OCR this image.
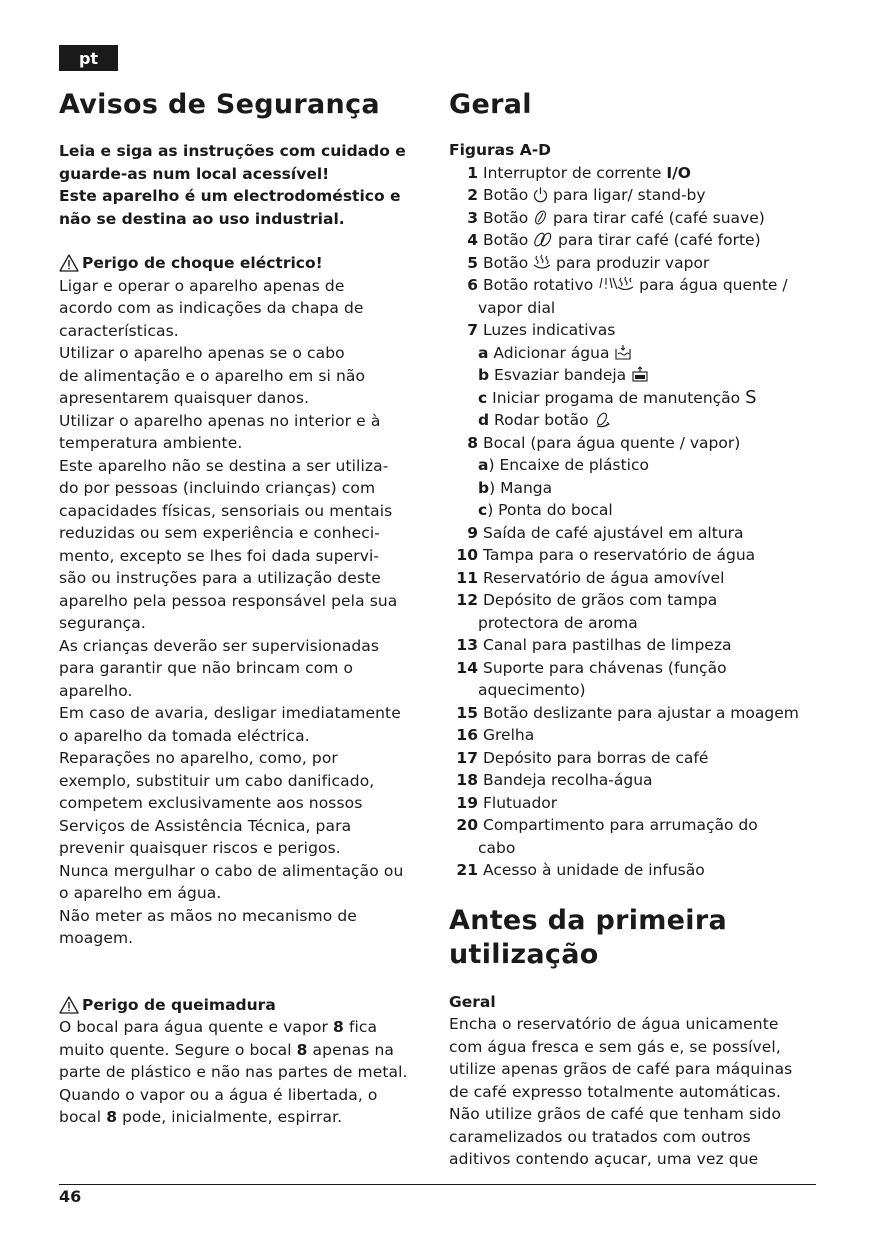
pt
Avisos de Segurança
Leia e siga as instruções com cuidado e
guarde-as num local acessível!
Este aparelho é um electrodoméstico e
não se destina ao uso industrial.
Perigo de choque eléctrico!
Ligar e operar o aparelho apenas de
acordo com as indicações da chapa de
características.
Utilizar o aparelho apenas se o cabo
de alimentação e o aparelho em si não
apresentarem quaisquer danos.
Utilizar o aparelho apenas no interior e à
temperatura ambiente.
Este aparelho não se destina a ser utiliza-
do por pessoas (incluindo crianças) com
capacidades físicas, sensoriais ou mentais
reduzidas ou sem experiência e conheci-
mento, excepto se lhes foi dada supervi-
são ou instruções para a utilização deste
aparelho pela pessoa responsável pela sua
segurança.
As crianças deverão ser supervisionadas
para garantir que não brincam com o
aparelho.
Em caso de avaria, desligar imediatamente
o aparelho da tomada eléctrica.
Reparações no aparelho, como, por
exemplo, substituir um cabo danificado,
competem exclusivamente aos nossos
Serviços de Assistência Técnica, para
prevenir quaisquer riscos e perigos.
Nunca mergulhar o cabo de alimentação ou
o aparelho em água.
Não meter as mãos no mecanismo de
moagem.
Perigo de queimadura
O bocal para água quente e vapor 8 fica
muito quente. Segure o bocal 8 apenas na
parte de plástico e não nas partes de metal.
Quando o vapor ou a água é libertada, o
bocal 8 pode, inicialmente, espirrar.
Geral
Figuras A-D
1 Interruptor de corrente I/O
2 Botão  para ligar/ stand-by
3 Botão  para tirar café (café suave)
4 Botão  para tirar café (café forte)
5 Botão  para produzir vapor
6 Botão rotativo  para água quente /
vapor dial
7 Luzes indicativas
a Adicionar água
b Esvaziar bandeja
c Iniciar progama de manutenção S
d Rodar botão
8 Bocal (para água quente / vapor)
a) Encaixe de plástico
b) Manga
c) Ponta do bocal
9 Saída de café ajustável em altura
10 Tampa para o reservatório de água
11 Reservatório de água amovível
12 Depósito de grãos com tampa
protectora de aroma
13 Canal para pastilhas de limpeza
14 Suporte para chávenas (função
aquecimento)
15 Botão deslizante para ajustar a moagem
16 Grelha
17 Depósito para borras de café
18 Bandeja recolha-água
19 Flutuador
20 Compartimento para arrumação do
cabo
21 Acesso à unidade de infusão
Antes da primeira
utilização
Geral
Encha o reservatório de água unicamente
com água fresca e sem gás e, se possível,
utilize apenas grãos de café para máquinas
de café expresso totalmente automáticas.
Não utilize grãos de café que tenham sido
caramelizados ou tratados com outros
aditivos contendo açucar, uma vez que
46
